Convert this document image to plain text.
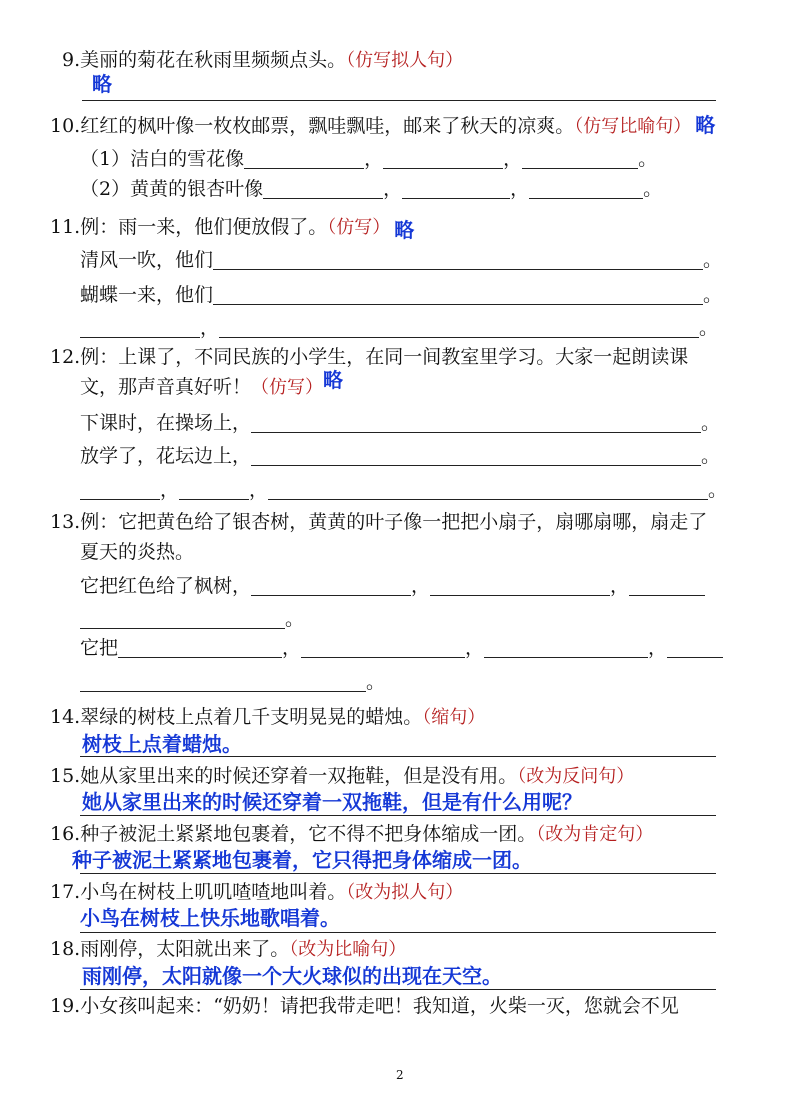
9.美丽的菊花在秋雨里频频点头。（仿写拟人句）
略
10.红红的枫叶像一枚枚邮票，飘哇飘哇，邮来了秋天的凉爽。（仿写比喻句） 略
（1）洁白的雪花像	，	，	。
（2）黄黄的银杏叶像	，	，	。
11.例：雨一来，他们便放假了。（仿写） 略
清风一吹，他们	。
蝴蝶一来，他们	。
，	。
12.例：上课了，不同民族的小学生，在同一间教室里学习。大家一起朗读课
文，那声音真好听！（仿写）略
下课时，在操场上，	。
放学了，花坛边上，	。
，	，	。
13.例：它把黄色给了银杏树，黄黄的叶子像一把把小扇子，扇哪扇哪，扇走了
夏天的炎热。
它把红色给了枫树，	，	，
。
它把	，	，	，
。
14.翠绿的树枝上点着几千支明晃晃的蜡烛。（缩句）
树枝上点着蜡烛。
15.她从家里出来的时候还穿着一双拖鞋，但是没有用。（改为反问句）
她从家里出来的时候还穿着一双拖鞋，但是有什么用呢？
16.种子被泥土紧紧地包裹着，它不得不把身体缩成一团。（改为肯定句）
种子被泥土紧紧地包裹着，它只得把身体缩成一团。
17.小鸟在树枝上叽叽喳喳地叫着。（改为拟人句）
小鸟在树枝上快乐地歌唱着。
18.雨刚停，太阳就出来了。（改为比喻句）
雨刚停，太阳就像一个大火球似的出现在天空。
19.小女孩叫起来：“奶奶！请把我带走吧！我知道，火柴一灭，您就会不见
2
